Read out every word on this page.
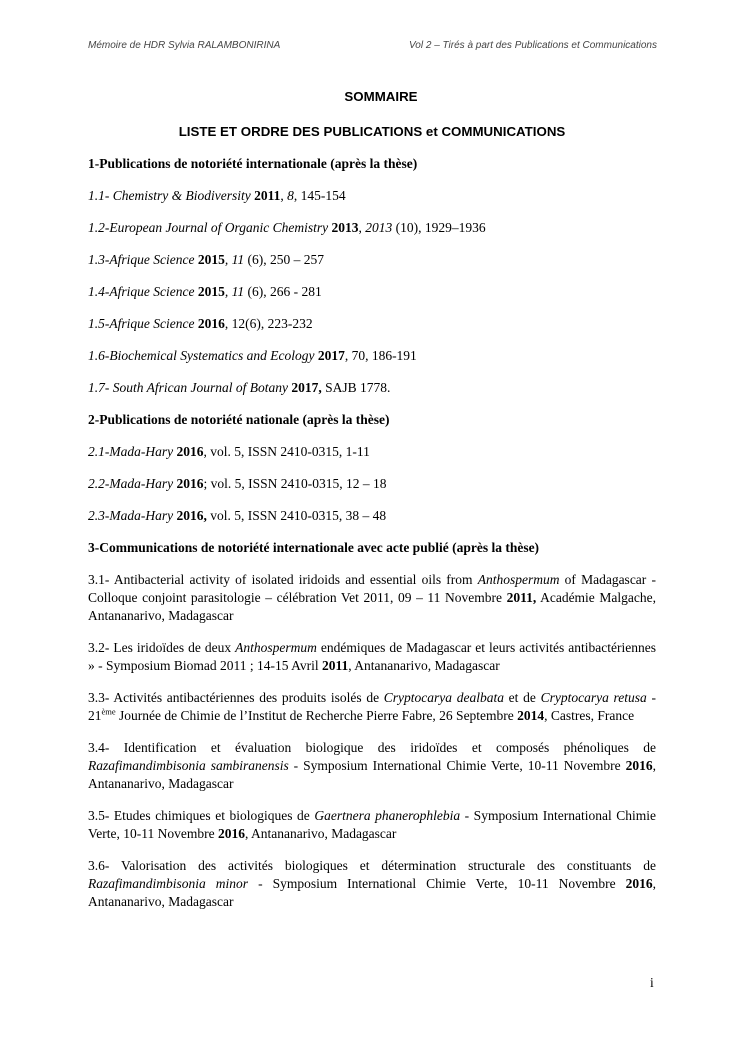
Mémoire de HDR Sylvia RALAMBONIRINA	Vol 2 – Tirés à part des Publications et Communications
SOMMAIRE
LISTE ET ORDRE DES PUBLICATIONS et COMMUNICATIONS
1-Publications de notoriété internationale (après la thèse)
1.1- Chemistry & Biodiversity 2011, 8, 145-154
1.2-European Journal of Organic Chemistry 2013, 2013 (10), 1929–1936
1.3-Afrique Science 2015, 11 (6), 250 – 257
1.4-Afrique Science 2015, 11 (6), 266 - 281
1.5-Afrique Science 2016, 12(6), 223-232
1.6-Biochemical Systematics and Ecology 2017, 70, 186-191
1.7- South African Journal of Botany 2017, SAJB 1778.
2-Publications de notoriété nationale (après la thèse)
2.1-Mada-Hary 2016, vol. 5, ISSN 2410-0315, 1-11
2.2-Mada-Hary 2016; vol. 5, ISSN 2410-0315, 12 – 18
2.3-Mada-Hary 2016, vol. 5, ISSN 2410-0315, 38 – 48
3-Communications de notoriété internationale avec acte publié (après la thèse)
3.1- Antibacterial activity of isolated iridoids and essential oils from Anthospermum of Madagascar - Colloque conjoint parasitologie – célébration Vet 2011, 09 – 11 Novembre 2011, Académie Malgache, Antananarivo, Madagascar
3.2- Les iridoïdes de deux Anthospermum endémiques de Madagascar et leurs activités antibactériennes » - Symposium Biomad 2011 ; 14-15 Avril 2011, Antananarivo, Madagascar
3.3- Activités antibactériennes des produits isolés de Cryptocarya dealbata et de Cryptocarya retusa - 21ème Journée de Chimie de l’Institut de Recherche Pierre Fabre, 26 Septembre 2014, Castres, France
3.4- Identification et évaluation biologique des iridoïdes et composés phénoliques de Razafimandimbisonia sambiranensis - Symposium International Chimie Verte, 10-11 Novembre 2016, Antananarivo, Madagascar
3.5- Etudes chimiques et biologiques de Gaertnera phanerophlebia - Symposium International Chimie Verte, 10-11 Novembre 2016, Antananarivo, Madagascar
3.6- Valorisation des activités biologiques et détermination structurale des constituants de Razafimandimbisonia minor - Symposium International Chimie Verte, 10-11 Novembre 2016, Antananarivo, Madagascar
i
